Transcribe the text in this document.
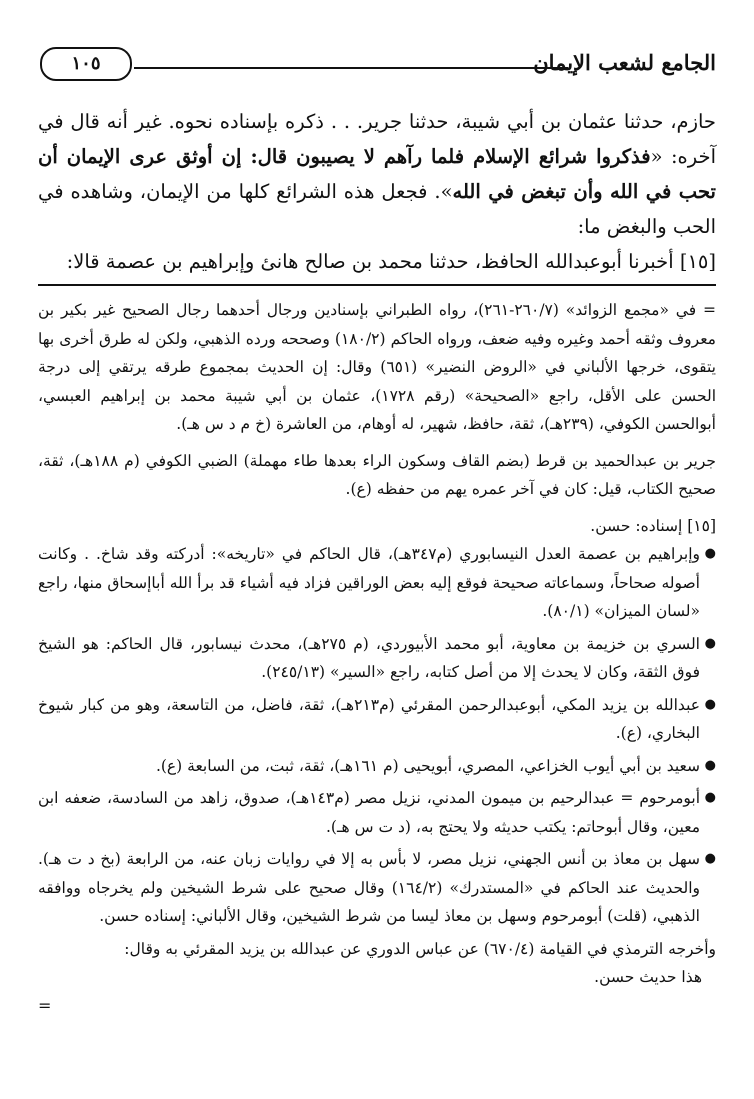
الجامع لشعب الإيمان
١٠٥

حازم، حدثنا عثمان بن أبي شيبة، حدثنا جرير. . . ذكره بإسناده نحوه. غير أنه قال في آخره: «فذكروا شرائع الإسلام فلما رآهم لا يصيبون قال: إن أوثق عرى الإيمان أن تحب في الله وأن تبغض في الله». فجعل هذه الشرائع كلها من الإيمان، وشاهده في الحب والبغض ما:

[١٥] أخبرنا أبوعبدالله الحافظ، حدثنا محمد بن صالح هانئ وإبراهيم بن عصمة قالا:

= في «مجمع الزوائد» (٢٦٠/٧-٢٦١)، رواه الطبراني بإسنادين ورجال أحدهما رجال الصحيح غير بكير بن معروف وثقه أحمد وغيره وفيه ضعف، ورواه الحاكم (١٨٠/٢) وصححه ورده الذهبي، ولكن له طرق أخرى بها يتقوى، خرجها الألباني في «الروض النضير» (٦٥١) وقال: إن الحديث بمجموع طرقه يرتقي إلى درجة الحسن على الأقل، راجع «الصحيحة» (رقم ١٧٢٨)، عثمان بن أبي شيبة محمد بن إبراهيم العبسي، أبوالحسن الكوفي، (٢٣٩هـ)، ثقة، حافظ، شهير، له أوهام، من العاشرة (خ م د س هـ).

جرير بن عبدالحميد بن قرط (بضم القاف وسكون الراء بعدها طاء مهملة) الضبي الكوفي (م ١٨٨هـ)، ثقة، صحيح الكتاب، قيل: كان في آخر عمره يهم من حفظه (ع).

[١٥] إسناده: حسن.

●
وإبراهيم بن عصمة العدل النيسابوري (م٣٤٧هـ)، قال الحاكم في «تاريخه»: أدركته وقد شاخ. . وكانت أصوله صحاحاً، وسماعاته صحيحة فوقع إليه بعض الوراقين فزاد فيه أشياء قد برأ الله أباإسحاق منها، راجع «لسان الميزان» (٨٠/١).
●
السري بن خزيمة بن معاوية، أبو محمد الأبيوردي، (م ٢٧٥هـ)، محدث نيسابور، قال الحاكم: هو الشيخ فوق الثقة، وكان لا يحدث إلا من أصل كتابه، راجع «السير» (٢٤٥/١٣).
●
عبدالله بن يزيد المكي، أبوعبدالرحمن المقرئي (م٢١٣هـ)، ثقة، فاضل، من التاسعة، وهو من كبار شيوخ البخاري، (ع).
●
سعيد بن أبي أيوب الخزاعي، المصري، أبويحيى (م ١٦١هـ)، ثقة، ثبت، من السابعة (ع).
●
أبومرحوم = عبدالرحيم بن ميمون المدني، نزيل مصر (م١٤٣هـ)، صدوق، زاهد من السادسة، ضعفه ابن معين، وقال أبوحاتم: يكتب حديثه ولا يحتج به، (د ت س هـ).
●
سهل بن معاذ بن أنس الجهني، نزيل مصر، لا بأس به إلا في روايات زبان عنه، من الرابعة (بخ د ت هـ). والحديث عند الحاكم في «المستدرك» (١٦٤/٢) وقال صحيح على شرط الشيخين ولم يخرجاه ووافقه الذهبي، (قلت) أبومرحوم وسهل بن معاذ ليسا من شرط الشيخين، وقال الألباني: إسناده حسن.

وأخرجه الترمذي في القيامة (٦٧٠/٤) عن عباس الدوري عن عبدالله بن يزيد المقرئي به وقال:

هذا حديث حسن.

=
